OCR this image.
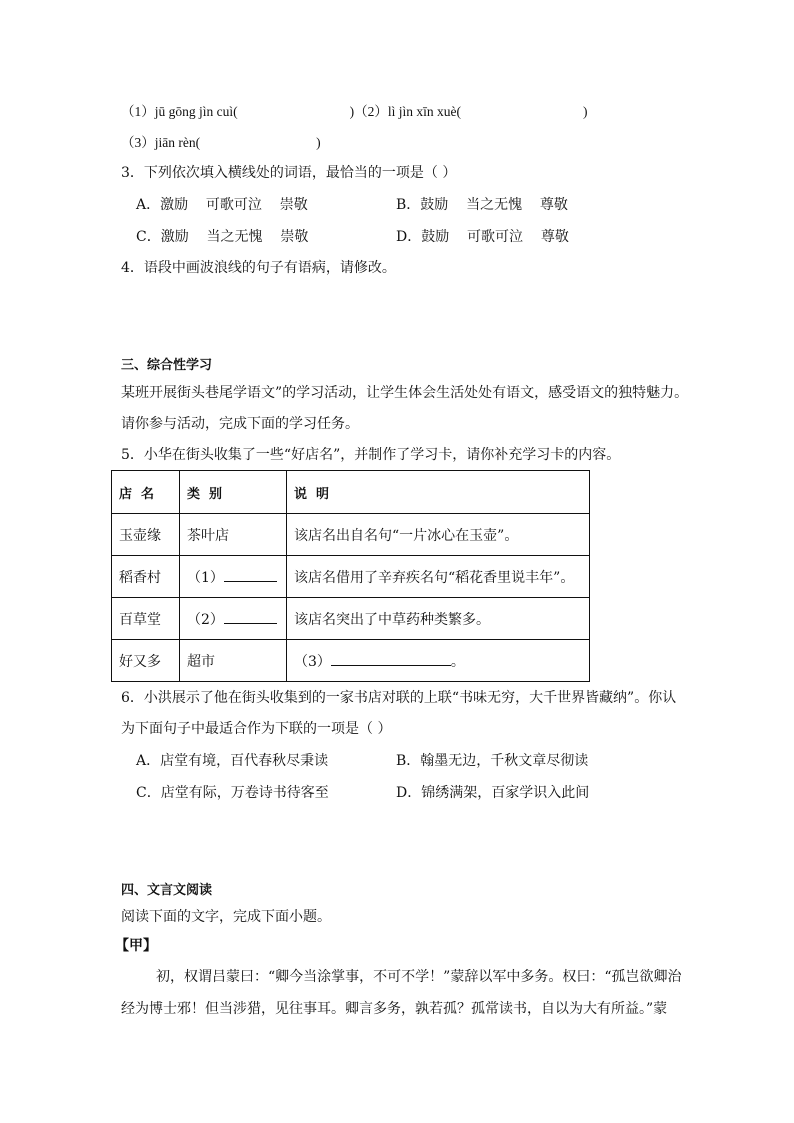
（1）jū gōng jìn cuì(	)（2）lì jìn xīn xuè(	)
（3）jiān rèn(	)
3．下列依次填入横线处的词语，最恰当的一项是（ ）
A．激励    可歌可泣    崇敬	B．鼓励    当之无愧    尊敬
C．激励    当之无愧    崇敬	D．鼓励    可歌可泣    尊敬
4．语段中画波浪线的句子有语病，请修改。
三、综合性学习
某班开展街头巷尾学语文”的学习活动，让学生体会生活处处有语文，感受语文的独特魅力。
请你参与活动，完成下面的学习任务。
5．小华在街头收集了一些“好店名”，并制作了学习卡，请你补充学习卡的内容。
店  名	类  别	说  明
玉壶缘	茶叶店	该店名出自名句“一片冰心在玉壶”。
稻香村	（1）	该店名借用了辛弃疾名句“稻花香里说丰年”。
百草堂	（2）	该店名突出了中草药种类繁多。
好又多	超市	（3） 。
6．小洪展示了他在街头收集到的一家书店对联的上联“书味无穷，大千世界皆藏纳”。你认
为下面句子中最适合作为下联的一项是（ ）
A．店堂有境，百代春秋尽秉读	B．翰墨无边，千秋文章尽彻读
C．店堂有际，万卷诗书待客至	D．锦绣满架，百家学识入此间
四、文言文阅读
阅读下面的文字，完成下面小题。
【甲】
初，权谓吕蒙曰：“卿今当涂掌事，不可不学！”蒙辞以军中多务。权曰：“孤岂欲卿治
经为博士邪！但当涉猎，见往事耳。卿言多务，孰若孤？孤常读书，自以为大有所益。”蒙
